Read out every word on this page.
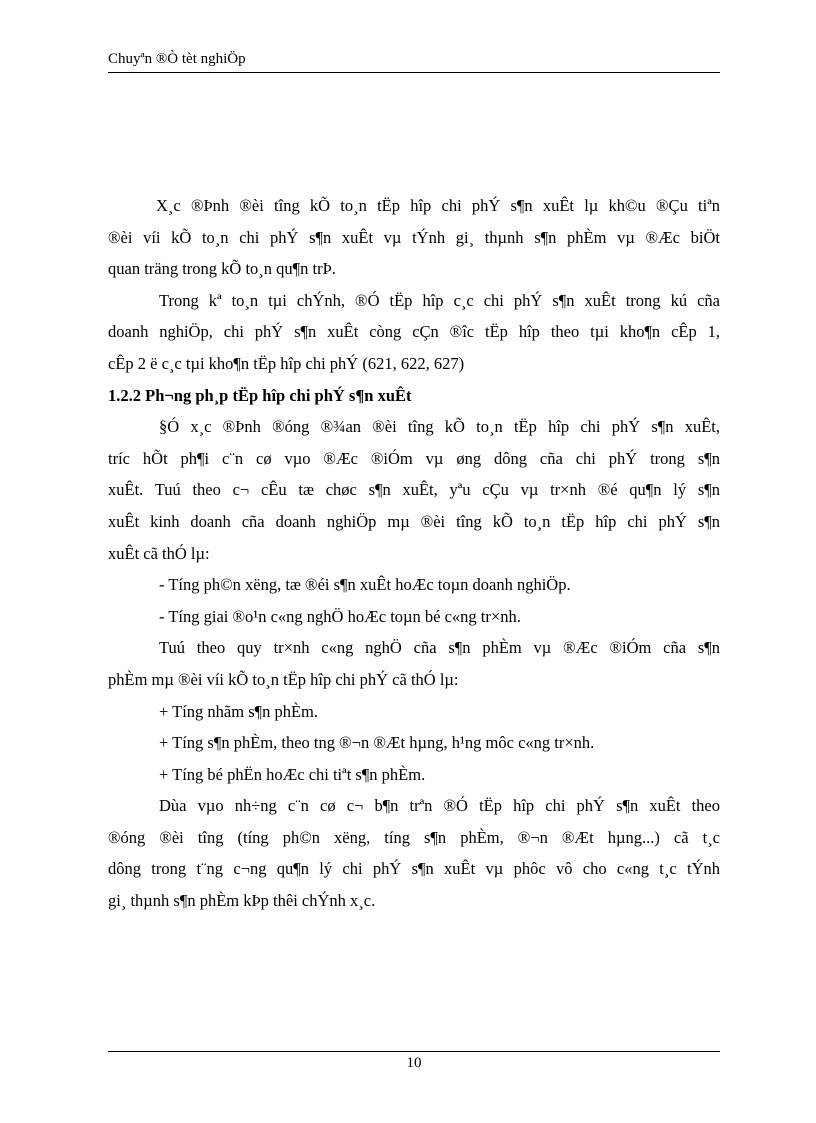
Chuyªn ®Ò tèt nghiÖp
X¸c ®Þnh ®èi tîng kÕ to¸n tËp hîp chi phÝ s¶n xuÊt lµ kh©u ®Çu tiªn
®èi víi kÕ to¸n chi phÝ s¶n xuÊt vµ tÝnh gi¸ thµnh s¶n phÈm vµ ®Æc biÖt
quan träng trong kÕ to¸n qu¶n trÞ.
Trong kª to¸n tµi chÝnh, ®Ó tËp hîp c¸c chi phÝ s¶n xuÊt trong kú cña
doanh nghiÖp, chi phÝ s¶n xuÊt còng cÇn ®îc tËp hîp theo tµi kho¶n cÊp 1,
cÊp 2 ë c¸c tµi kho¶n tËp hîp chi phÝ (621, 622, 627)
1.2.2 Ph¬ng ph¸p tËp hîp chi phÝ s¶n xuÊt
§Ó x¸c ®Þnh ®óng ®¾an ®èi tîng kÕ to¸n tËp hîp chi phÝ s¶n xuÊt,
tríc hÕt ph¶i c¨n cø vµo ®Æc ®iÓm vµ øng dông cña chi phÝ trong s¶n
xuÊt. Tuú theo c¬ cÊu tæ chøc s¶n xuÊt, yªu cÇu vµ tr×nh ®é qu¶n lý s¶n
xuÊt kinh doanh cña doanh nghiÖp mµ ®èi tîng kÕ to¸n tËp hîp chi phÝ s¶n
xuÊt cã thÓ lµ:
- Tíng ph©n xëng, tæ ®éi s¶n xuÊt hoÆc toµn doanh nghiÖp.
- Tíng giai ®o¹n c«ng nghÖ hoÆc toµn bé c«ng tr×nh.
Tuú theo quy tr×nh c«ng nghÖ cña s¶n phÈm vµ ®Æc ®iÓm cña s¶n
phÈm mµ ®èi víi kÕ to¸n tËp hîp chi phÝ cã thÓ lµ:
+ Tíng nhãm s¶n phÈm.
+ Tíng s¶n phÈm, theo tng ®¬n ®Æt hµng, h¹ng môc c«ng tr×nh.
+ Tíng bé phËn hoÆc chi tiªt s¶n phÈm.
Dùa vµo nh÷ng c¨n cø c¬ b¶n trªn ®Ó tËp hîp chi phÝ s¶n xuÊt theo
®óng ®èi tîng (tíng ph©n xëng, tíng s¶n phÈm, ®¬n ®Æt hµng...) cã t¸c
dông trong t¨ng c¬ng qu¶n lý chi phÝ s¶n xuÊt vµ phôc vô cho c«ng t¸c tÝnh
gi¸ thµnh s¶n phÈm kÞp thêi chÝnh x¸c.
10
